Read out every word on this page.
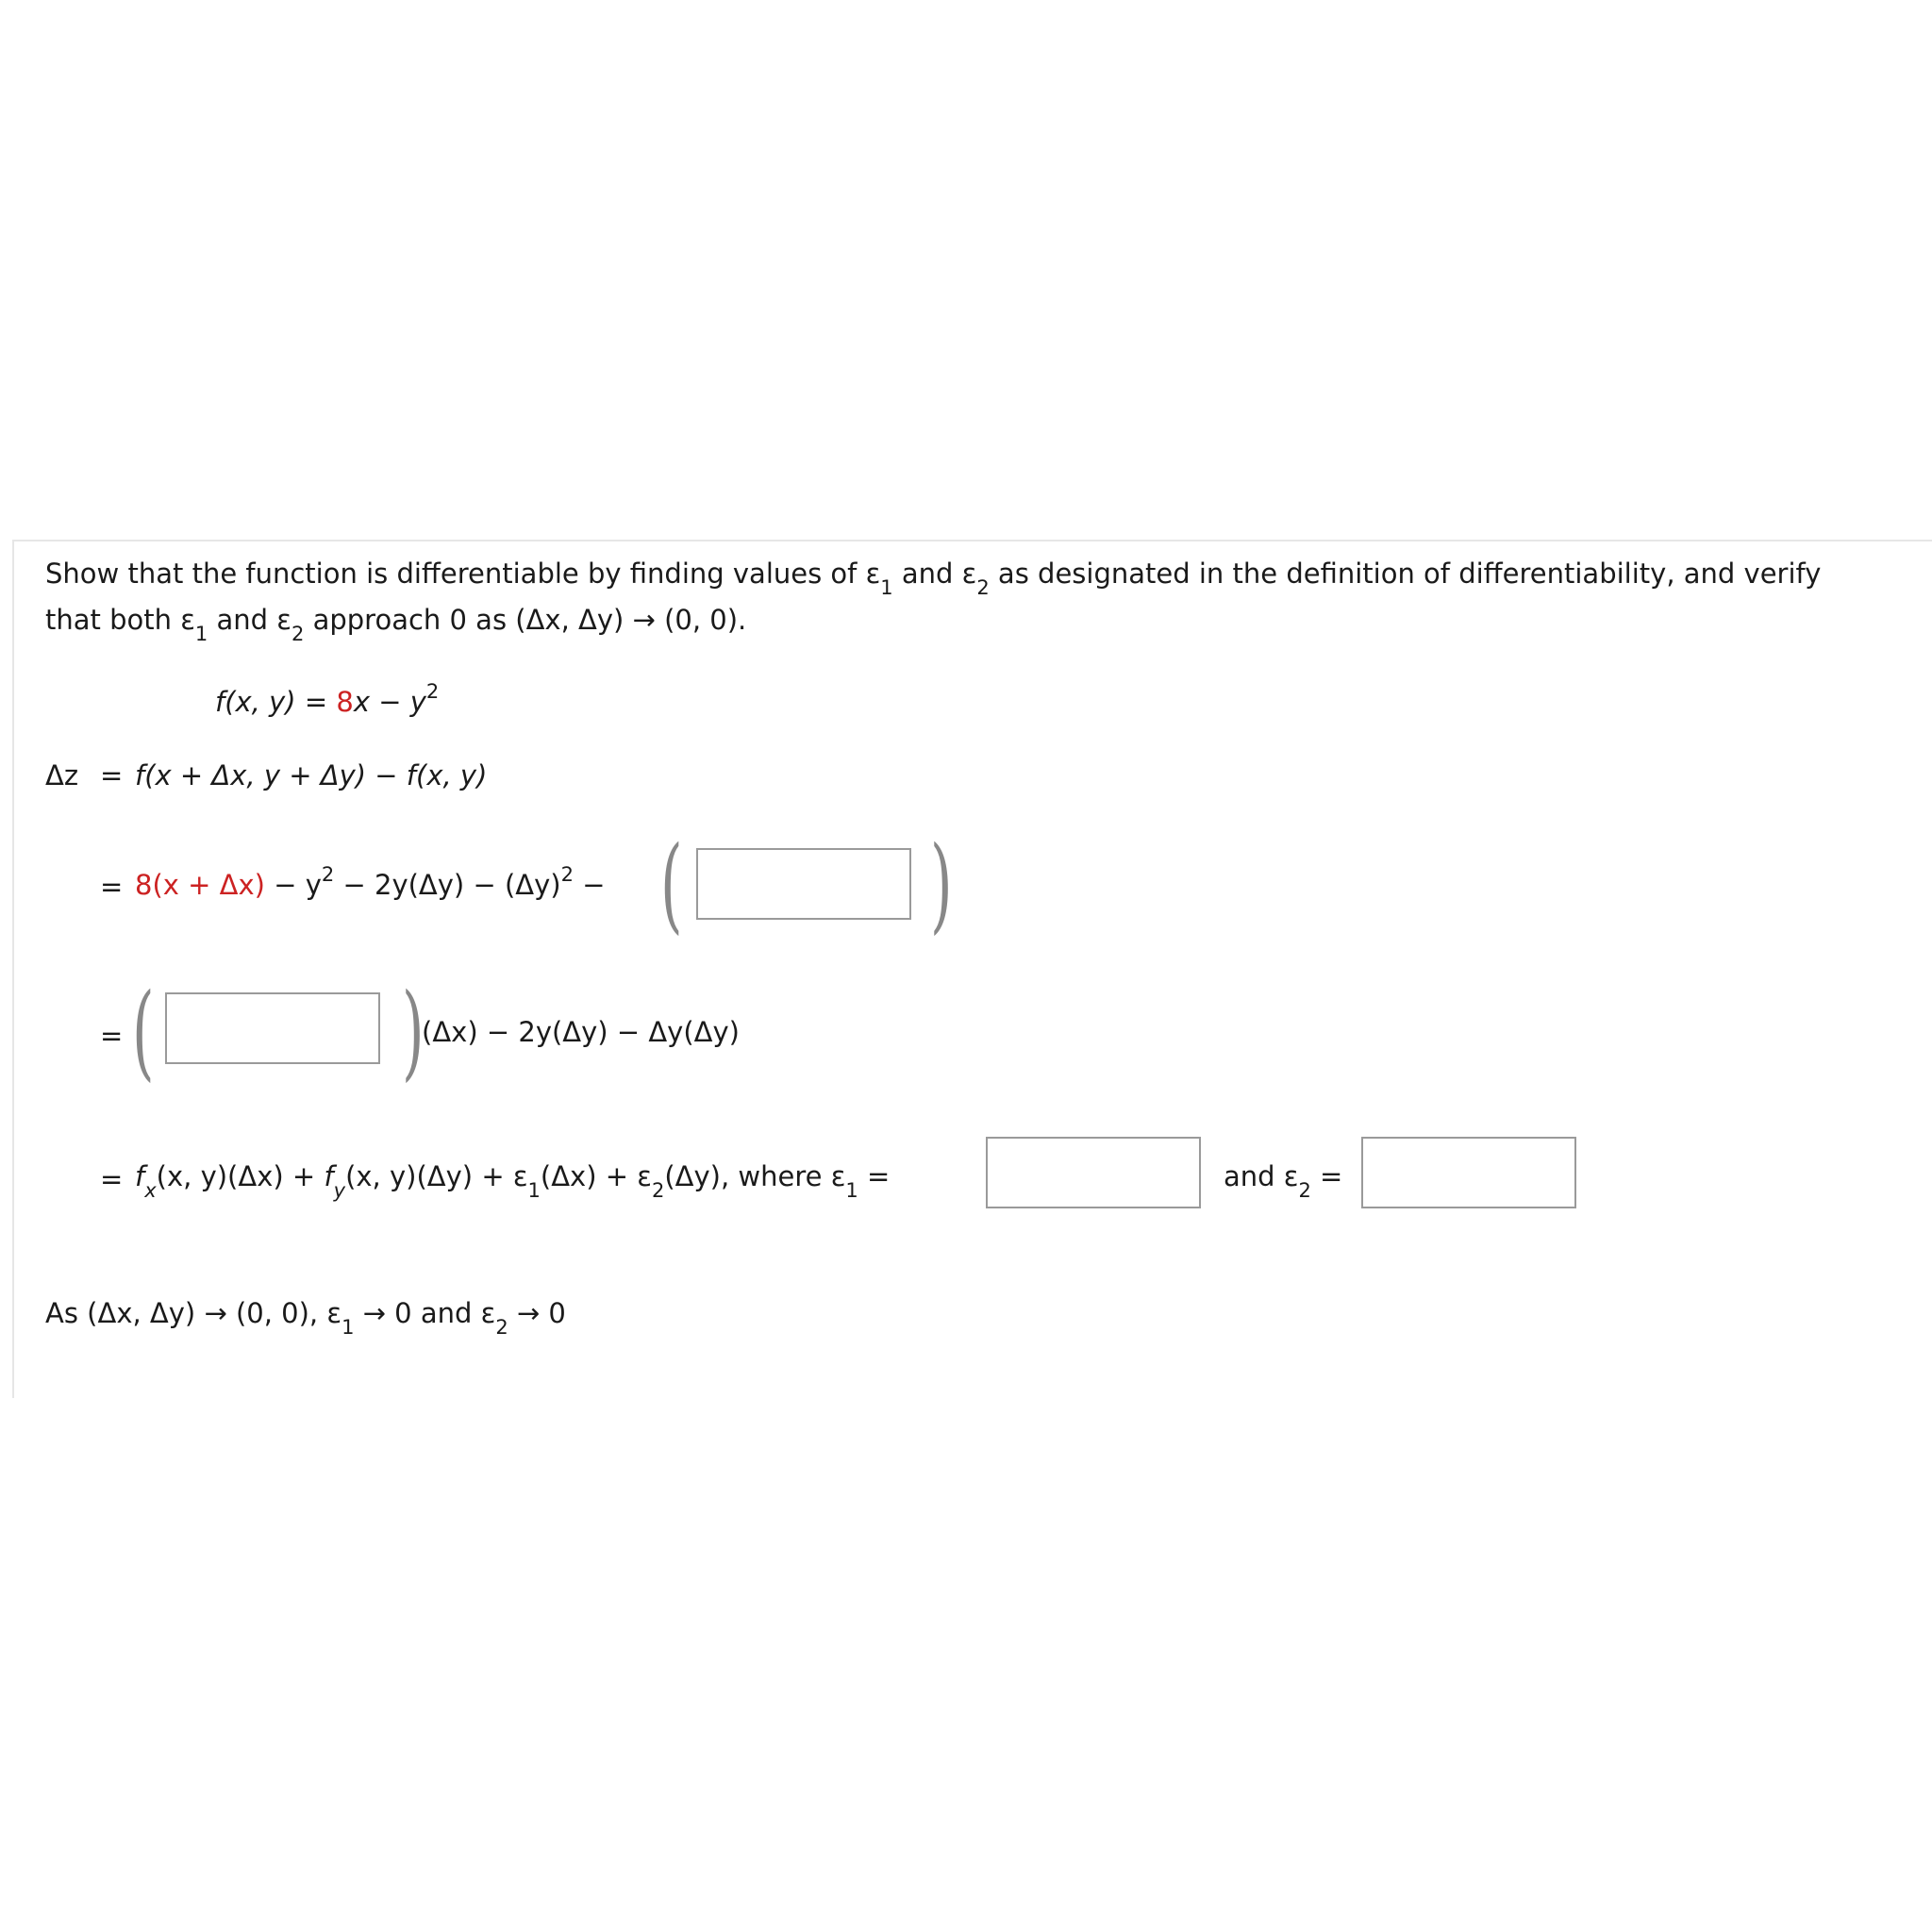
Show that the function is differentiable by finding values of $\varepsilon_1$ and $\varepsilon_2$ as designated in the definition of differentiability, and verify
that both $\varepsilon_1$ and $\varepsilon_2$ approach 0 as (Δx, Δy) → (0, 0).
f(x, $y) = 8x - y^2$
Δz = f(x + Δx, y + Δy) − f(x, y)
= $8(x + \Delta x) - y^2 - 2y(\Delta y) - (\Delta y)^2$ − ( )
= ( )
(Δx) − 2y(Δy) − Δy(Δy)
= $f_x(x$, $y)(\Delta x) + f_y(x$, $y)(\Delta y) + \varepsilon_1(\Delta x) + \varepsilon_2(\Delta y)$, where $\varepsilon_1$ =	and $\varepsilon_2$ =
As (Δx, Δy) → (0, 0), $\varepsilon_1 \to 0$ and $\varepsilon_2 \to 0$
